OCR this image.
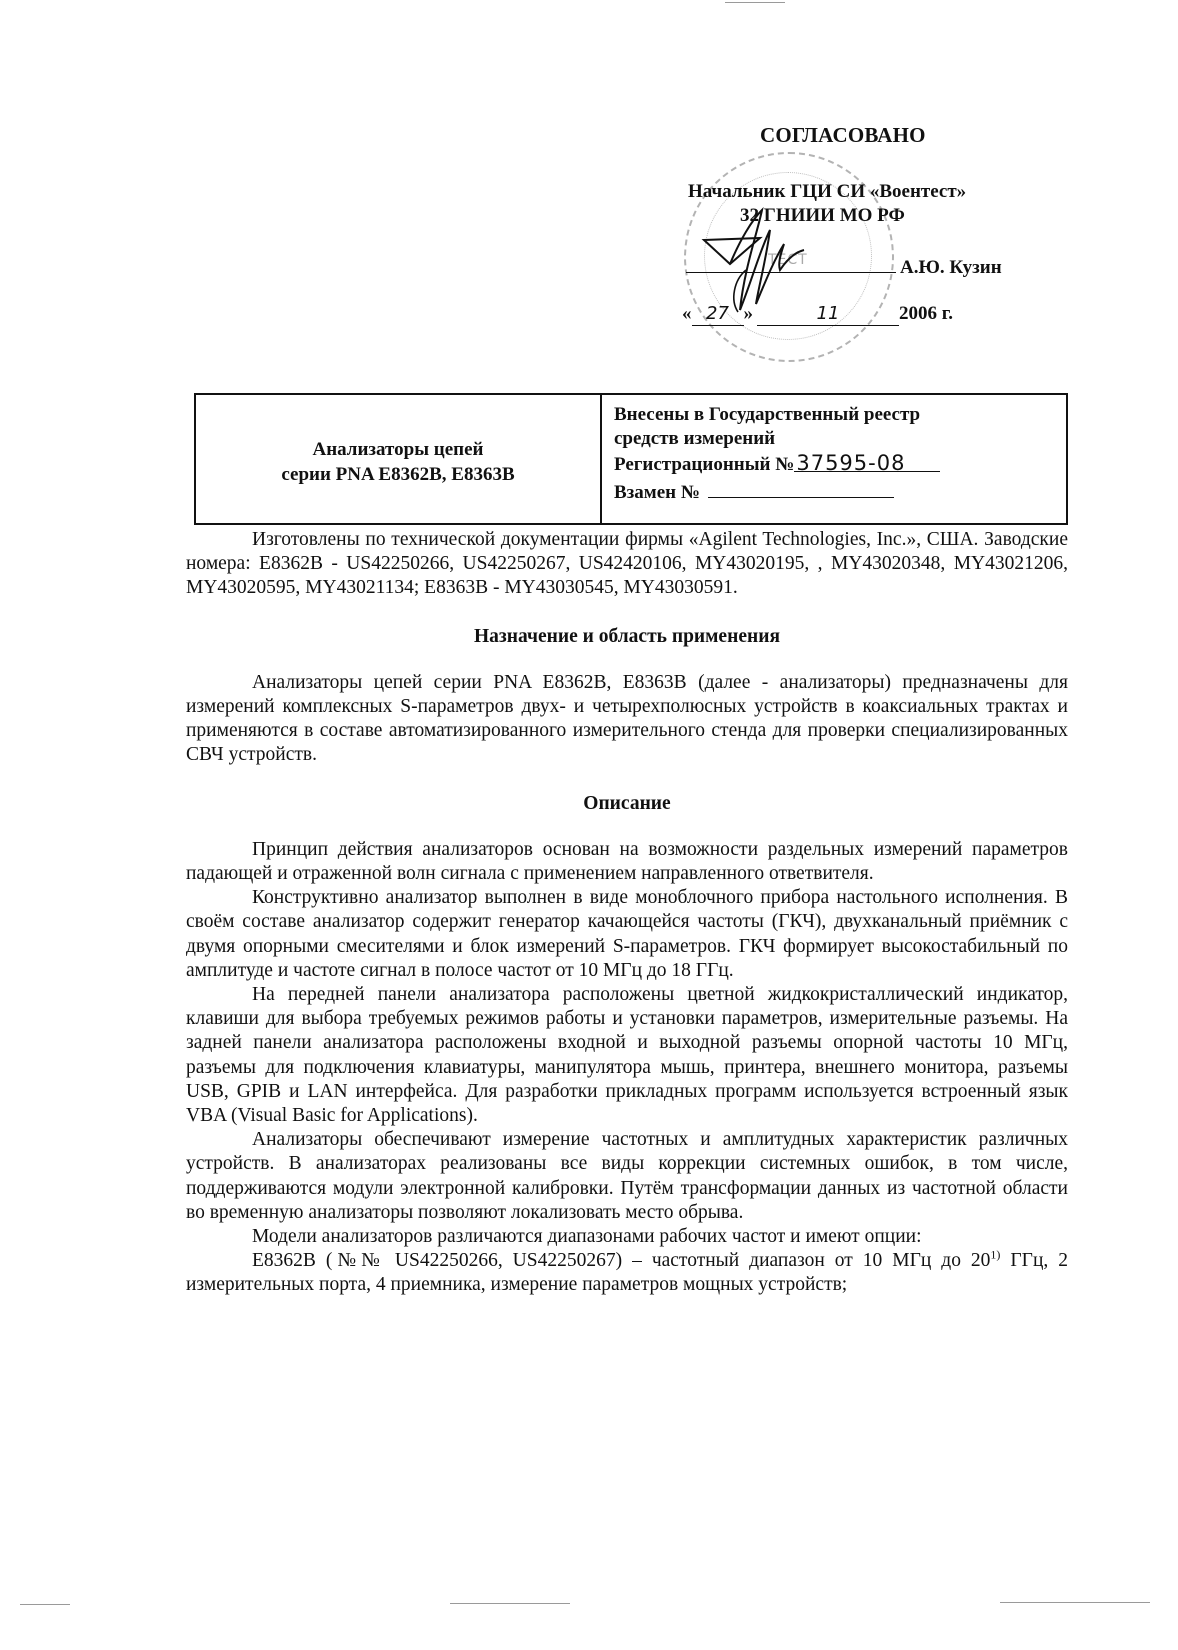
ТЕСТ
СОГЛАСОВАНО
Начальник ГЦИ СИ «Воентест»
32 ГНИИИ МО РФ
А.Ю. Кузин
« 27 »	11	2006 г.
Анализаторы цепей
серии PNA E8362B, E8363B
Внесены в Государственный реестр
средств измерений
Регистрационный №37595-08
Взамен №

Изготовлены по технической документации фирмы «Agilent Technologies, Inc.», США. Заводские номера: E8362B - US42250266, US42250267, US42420106, MY43020195, , MY43020348, MY43021206, MY43020595, MY43021134; E8363B - MY43030545, MY43030591.

Назначение и область применения

Анализаторы цепей серии PNA E8362B, E8363B (далее - анализаторы) предназначены для измерений комплексных S-параметров двух- и четырехполюсных устройств в коаксиальных трактах и применяются в составе автоматизированного измерительного стенда для проверки специализированных СВЧ устройств.

Описание

Принцип действия анализаторов основан на возможности раздельных измерений параметров падающей и отраженной волн сигнала с применением направленного ответвителя.

Конструктивно анализатор выполнен в виде моноблочного прибора настольного исполнения. В своём составе анализатор содержит генератор качающейся частоты (ГКЧ), двухканальный приёмник с двумя опорными смесителями и блок измерений S-параметров. ГКЧ формирует высокостабильный по амплитуде и частоте сигнал в полосе частот от 10 МГц до 18 ГГц.

На передней панели анализатора расположены цветной жидкокристаллический индикатор, клавиши для выбора требуемых режимов работы и установки параметров, измерительные разъемы. На задней панели анализатора расположены входной и выходной разъемы опорной частоты 10 МГц, разъемы для подключения клавиатуры, манипулятора мышь, принтера, внешнего монитора, разъемы USB, GPIB и LAN интерфейса. Для разработки прикладных программ используется встроенный язык VBA (Visual Basic for Applications).

Анализаторы обеспечивают измерение частотных и амплитудных характеристик различных устройств. В анализаторах реализованы все виды коррекции системных ошибок, в том числе, поддерживаются модули электронной калибровки. Путём трансформации данных из частотной области во временную анализаторы позволяют локализовать место обрыва.

Модели анализаторов различаются диапазонами рабочих частот и имеют опции:

E8362B (№№ US42250266, US42250267) – частотный диапазон от 10 МГц до 20$^{1)}$ ГГц, 2 измерительных порта, 4 приемника, измерение параметров мощных устройств;
